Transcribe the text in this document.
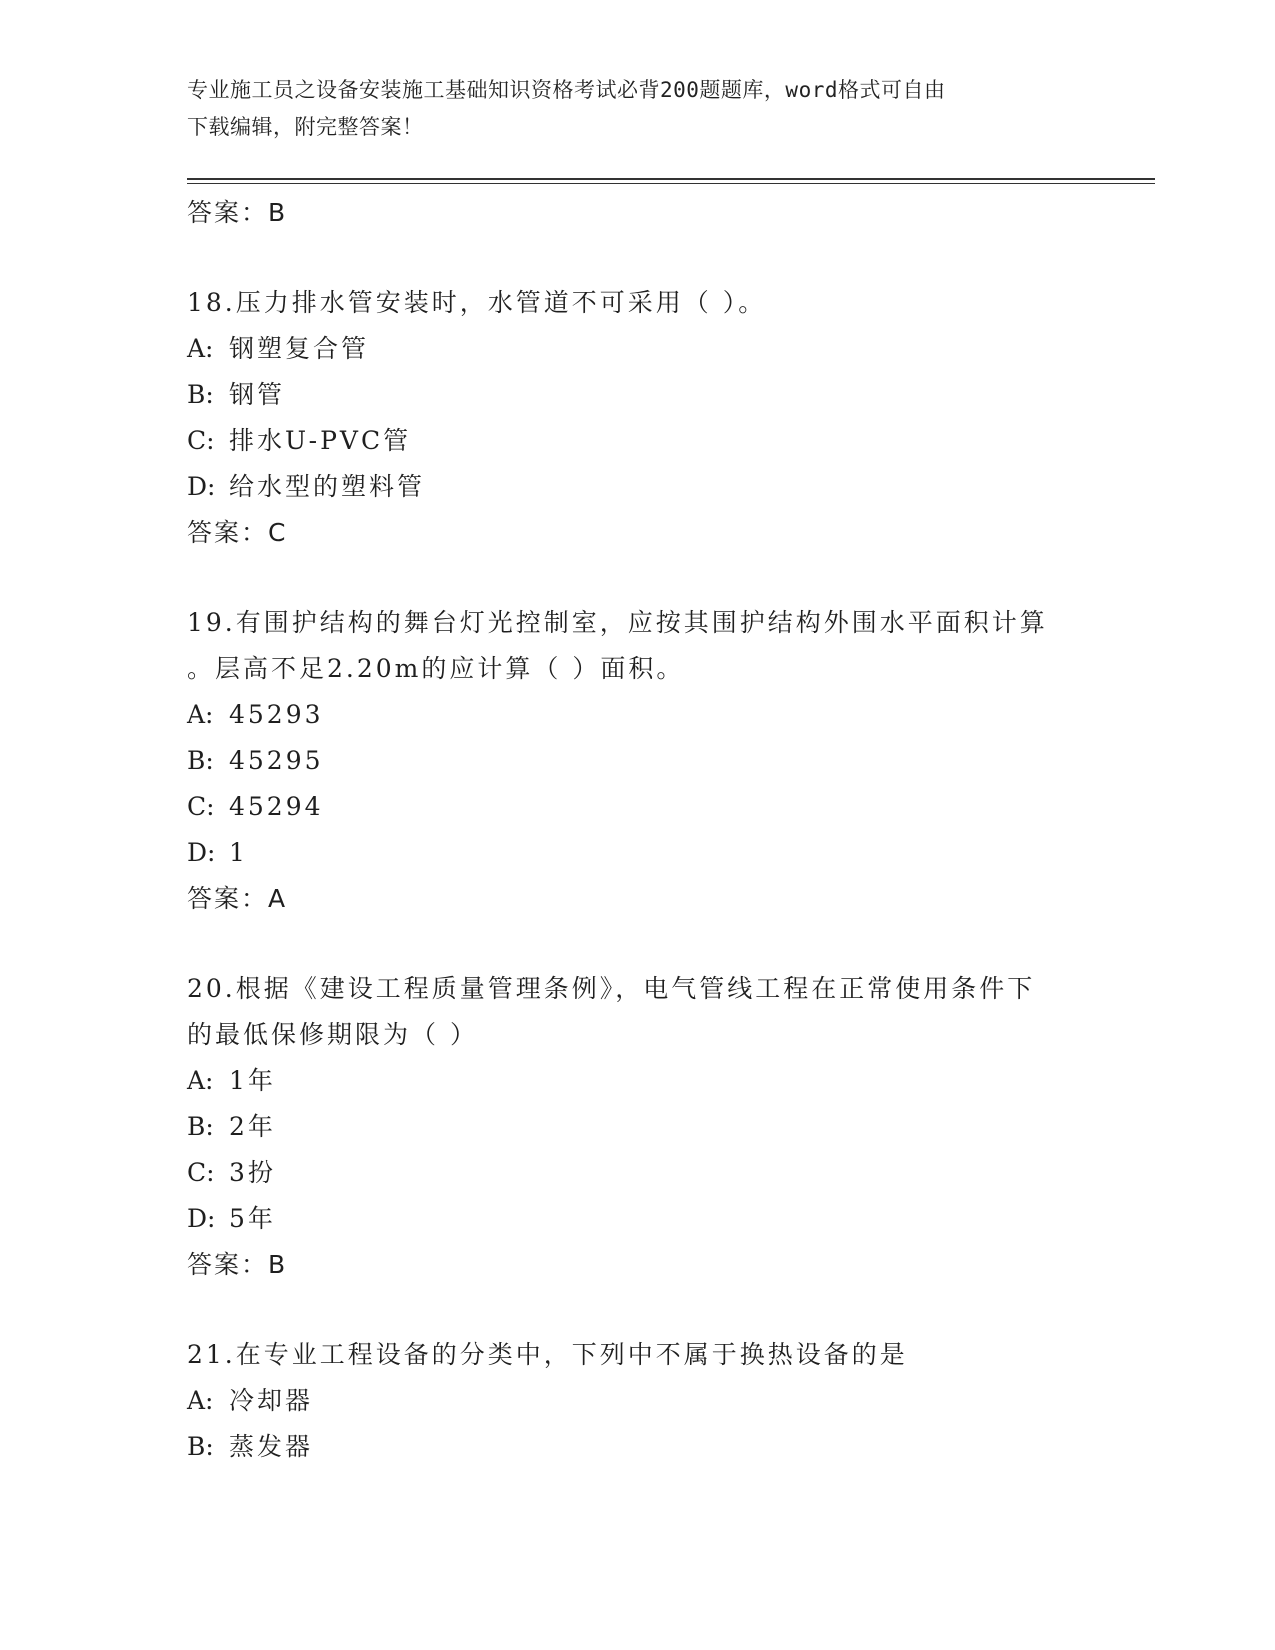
专业施工员之设备安装施工基础知识资格考试必背200题题库，word格式可自由
下载编辑，附完整答案！
答案：B
18.压力排水管安装时，水管道不可采用（ ）。
A: 钢塑复合管
B: 钢管
C: 排水U-PVC管
D: 给水型的塑料管
答案：C
19.有围护结构的舞台灯光控制室，应按其围护结构外围水平面积计算
。层高不足2.20m的应计算（ ）面积。
A: 45293
B: 45295
C: 45294
D: 1
答案：A
20.根据《建设工程质量管理条例》，电气管线工程在正常使用条件下
的最低保修期限为（ ）
A: 1年
B: 2年
C: 3扮
D: 5年
答案：B
21.在专业工程设备的分类中，下列中不属于换热设备的是
A: 冷却器
B: 蒸发器
